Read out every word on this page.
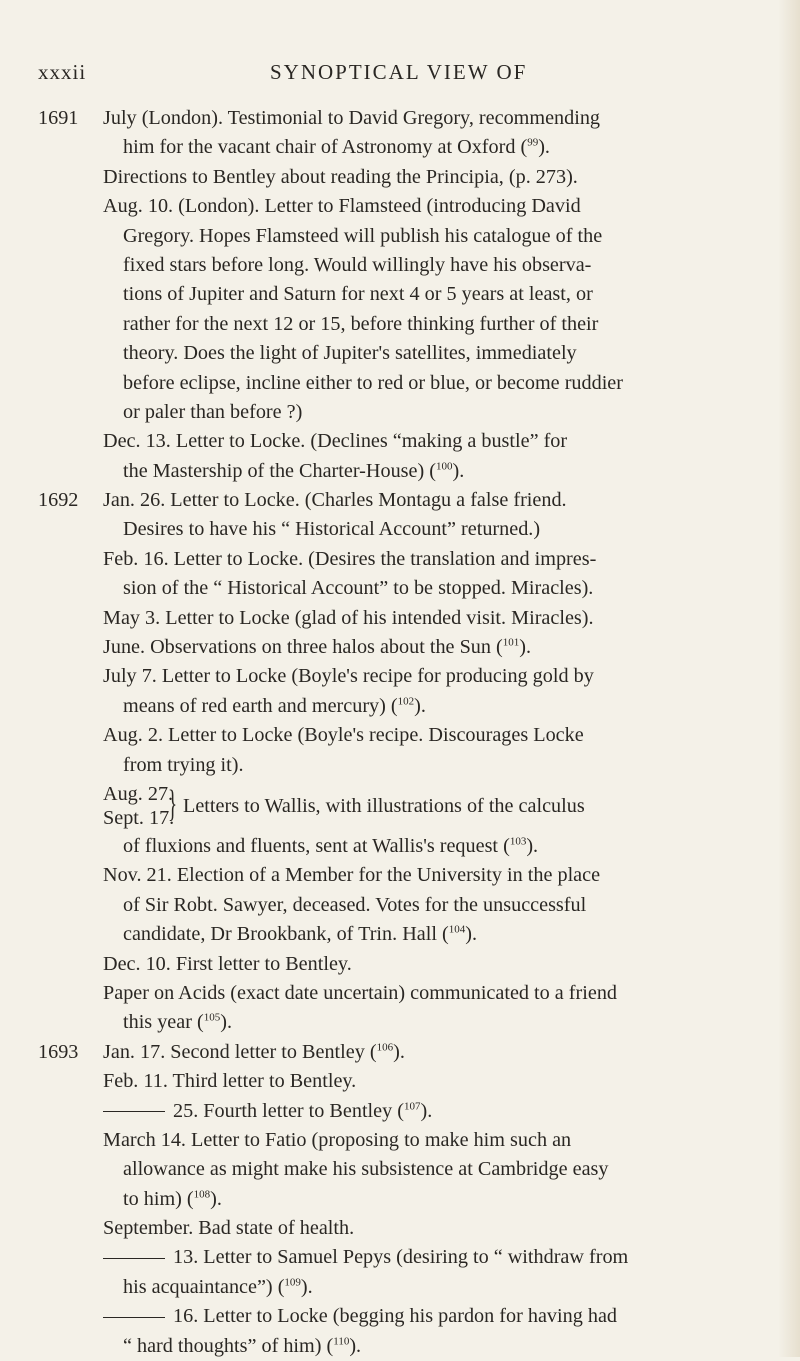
xxxii	SYNOPTICAL VIEW OF
1691 July (London). Testimonial to David Gregory, recommending
him for the vacant chair of Astronomy at Oxford ($^{99}$).
Directions to Bentley about reading the Principia, (p. 273).
Aug. 10. (London). Letter to Flamsteed (introducing David
Gregory. Hopes Flamsteed will publish his catalogue of the
fixed stars before long. Would willingly have his observa-
tions of Jupiter and Saturn for next 4 or 5 years at least, or
rather for the next 12 or 15, before thinking further of their
theory. Does the light of Jupiter's satellites, immediately
before eclipse, incline either to red or blue, or become ruddier
or paler than before ?)
Dec. 13. Letter to Locke. (Declines “making a bustle” for
the Mastership of the Charter-House) ($^{100}$).
1692 Jan. 26. Letter to Locke. (Charles Montagu a false friend.
Desires to have his “ Historical Account” returned.)
Feb. 16. Letter to Locke. (Desires the translation and impres-
sion of the “ Historical Account” to be stopped. Miracles).
May 3. Letter to Locke (glad of his intended visit. Miracles).
June. Observations on three halos about the Sun ($^{101}$).
July 7. Letter to Locke (Boyle's recipe for producing gold by
means of red earth and mercury) ($^{102}$).
Aug. 2. Letter to Locke (Boyle's recipe. Discourages Locke
from trying it).
Aug. 27.
Sept. 17.
} Letters to Wallis, with illustrations of the calculus
of fluxions and fluents, sent at Wallis's request ($^{103}$).
Nov. 21. Election of a Member for the University in the place
of Sir Robt. Sawyer, deceased. Votes for the unsuccessful
candidate, Dr Brookbank, of Trin. Hall ($^{104}$).
Dec. 10. First letter to Bentley.
Paper on Acids (exact date uncertain) communicated to a friend
this year ($^{105}$).
1693 Jan. 17. Second letter to Bentley ($^{106}$).
Feb. 11. Third letter to Bentley.
25. Fourth letter to Bentley ($^{107}$).
March 14. Letter to Fatio (proposing to make him such an
allowance as might make his subsistence at Cambridge easy
to him) ($^{108}$).
September. Bad state of health.
13. Letter to Samuel Pepys (desiring to “ withdraw from
his acquaintance”) ($^{109}$).
16. Letter to Locke (begging his pardon for having had
“ hard thoughts” of him) ($^{110}$).
